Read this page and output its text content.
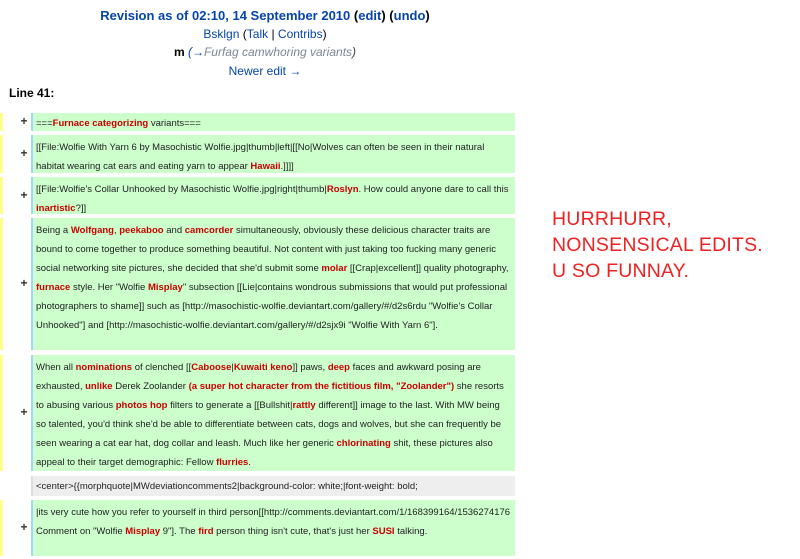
Revision as of 02:10, 14 September 2010 (edit) (undo)
Bsklgn (Talk | Contribs)
m (→Furfag camwhoring variants)
Newer edit →
Line 41:
+ ===Furnace categorizing variants===
+ [[File:Wolfie With Yarn 6 by Masochistic Wolfie.jpg|thumb|left|[[No|Wolves can often be seen in their natural habitat wearing cat ears and eating yarn to appear Hawaii.]]]]
+ [[File:Wolfie's Collar Unhooked by Masochistic Wolfie.jpg|right|thumb|Roslyn. How could anyone dare to call this inartistic?]]
+
Being a Wolfgang, peekaboo and camcorder simultaneously, obviously these delicious character traits are bound to come together to produce something beautiful. Not content with just taking too fucking many generic social networking site pictures, she decided that she'd submit some molar [[Crap|excellent]] quality photography, furnace style. Her "Wolfie Misplay" subsection [[Lie|contains wondrous submissions that would put professional photographers to shame]] such as [http://masochistic-wolfie.deviantart.com/gallery/#/d2s6rdu "Wolfie's Collar Unhooked"] and [http://masochistic-wolfie.deviantart.com/gallery/#/d2sjx9i "Wolfie With Yarn 6"].
+
When all nominations of clenched [[Caboose|Kuwaiti keno]] paws, deep faces and awkward posing are exhausted, unlike Derek Zoolander (a super hot character from the fictitious film, "Zoolander") she resorts to abusing various photos hop filters to generate a [[Bullshit|rattly different]] image to the last. With MW being so talented, you'd think she'd be able to differentiate between cats, dogs and wolves, but she can frequently be seen wearing a cat ear hat, dog collar and leash. Much like her generic chlorinating shit, these pictures also appeal to their target demographic: Fellow flurries.
<center>{{morphquote|MWdeviationcomments2|background-color: white;|font-weight: bold;
+
|its very cute how you refer to yourself in third person[[http://comments.deviantart.com/1/168399164/1536274176 Comment on "Wolfie Misplay 9"]. The fird person thing isn't cute, that's just her SUSI talking.
HURRHURR,
NONSENSICAL EDITS.
U SO FUNNAY.
